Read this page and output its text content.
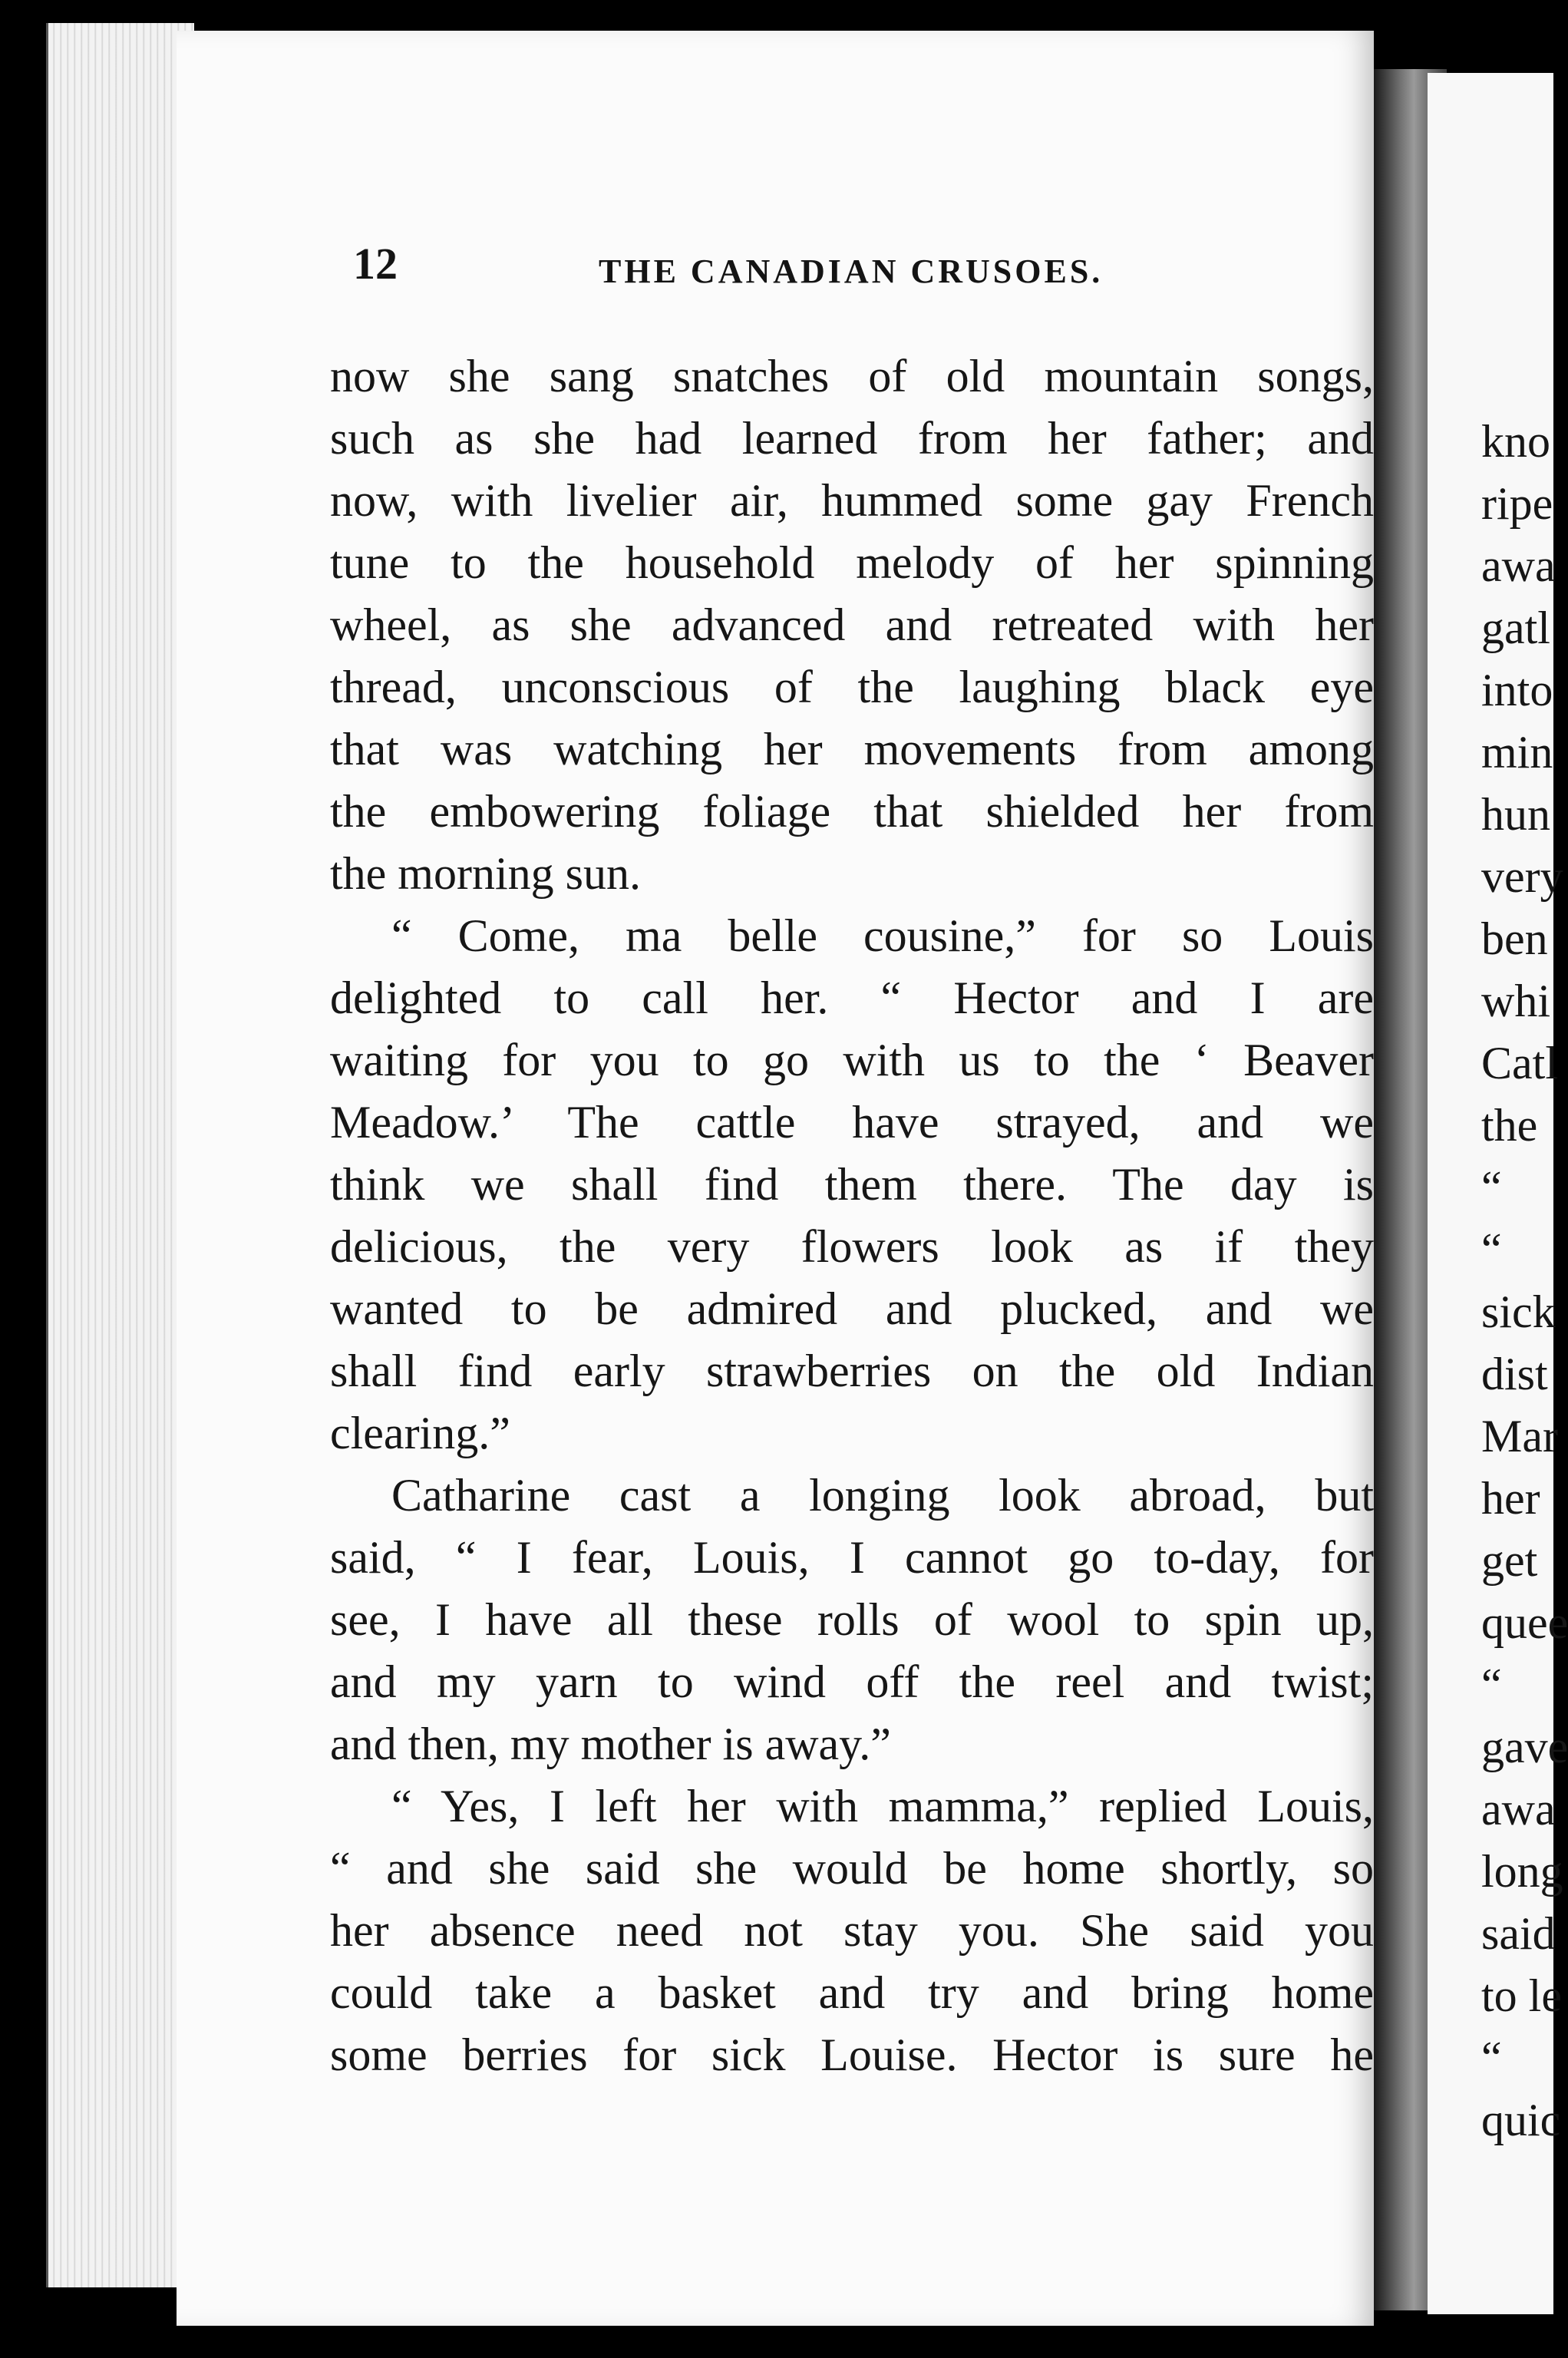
12	THE CANADIAN CRUSOES.
now she sang snatches of old mountain songs,
such as she had learned from her father; and
now, with livelier air, hummed some gay French
tune to the household melody of her spinning
wheel, as she advanced and retreated with her
thread, unconscious of the laughing black eye
that was watching her movements from among
the embowering foliage that shielded her from
the morning sun.
“ Come, ma belle cousine,” for so Louis
delighted to call her. “ Hector and I are
waiting for you to go with us to the ‘ Beaver
Meadow.’ The cattle have strayed, and we
think we shall find them there. The day is
delicious, the very flowers look as if they
wanted to be admired and plucked, and we
shall find early strawberries on the old Indian
clearing.”
Catharine cast a longing look abroad, but
said, “ I fear, Louis, I cannot go to-day, for
see, I have all these rolls of wool to spin up,
and my yarn to wind off the reel and twist;
and then, my mother is away.”
“ Yes, I left her with mamma,” replied Louis,
“ and she said she would be home shortly, so
her absence need not stay you. She said you
could take a basket and try and bring home
some berries for sick Louise. Hector is sure he
kno
ripe
awa
gatl
into
min
hun
very
ben
whi
Catl
the
“
“
sick
dist
Mar
her
get
quee
“
gave
awa
long
said
to le
“
quic
